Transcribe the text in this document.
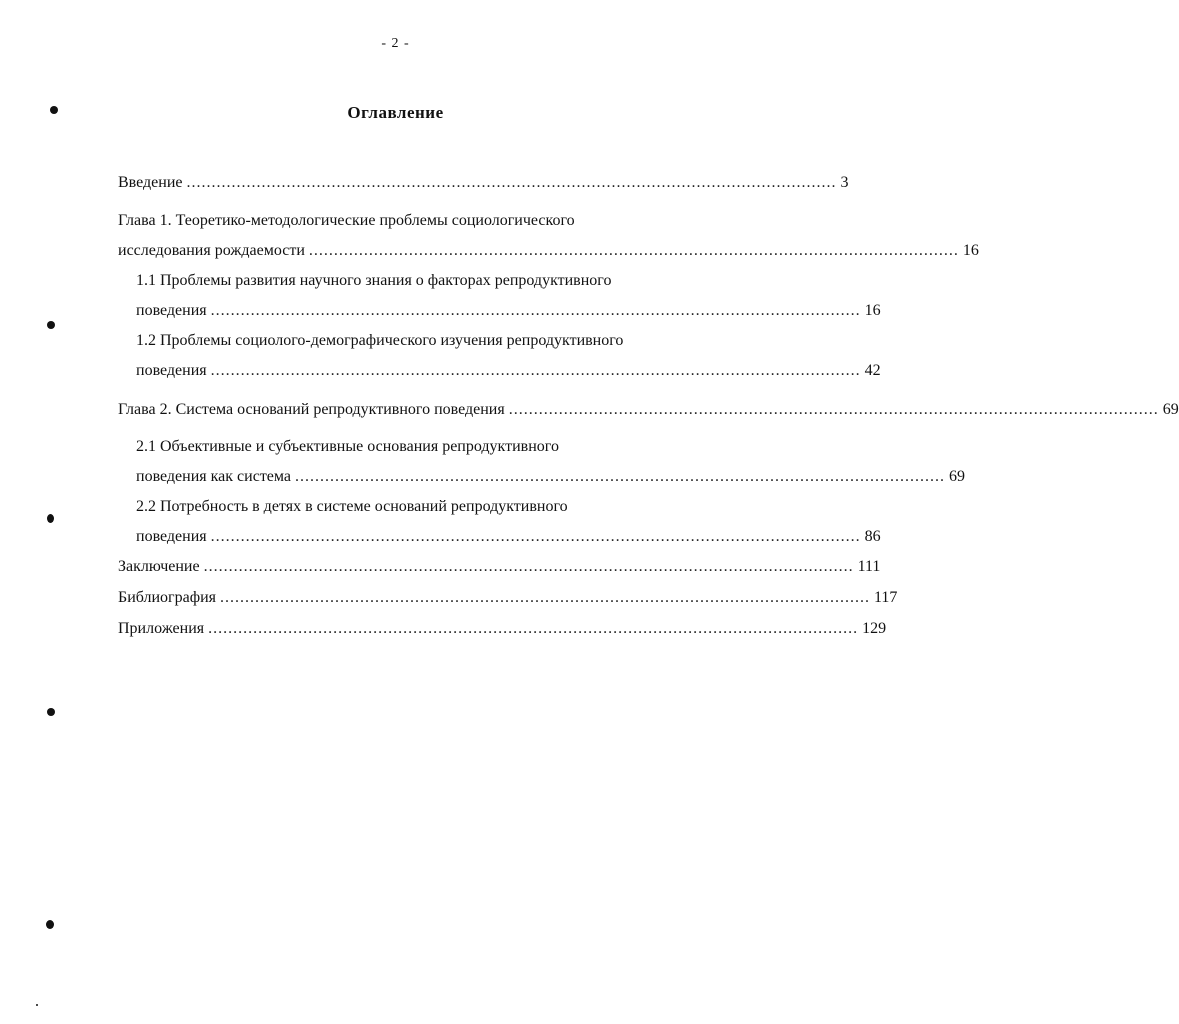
- 2 -
Оглавление
Введение .................................................................................................................................. 3
Глава 1. Теоретико-методологические проблемы социологического
исследования рождаемости .................................................................................................................................. 16
1.1 Проблемы развития научного знания о факторах репродуктивного
поведения .................................................................................................................................. 16
1.2 Проблемы социолого-демографического изучения репродуктивного
поведения .................................................................................................................................. 42
Глава 2. Система оснований репродуктивного поведения .................................................................................................................................. 69
2.1 Объективные и субъективные основания репродуктивного
поведения как система .................................................................................................................................. 69
2.2 Потребность в детях в системе оснований репродуктивного
поведения .................................................................................................................................. 86
Заключение .................................................................................................................................. 111
Библиография .................................................................................................................................. 117
Приложения .................................................................................................................................. 129
